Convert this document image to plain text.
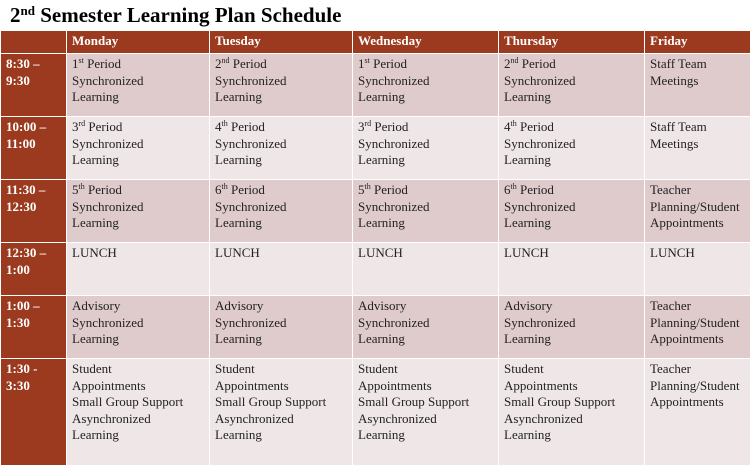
2nd Semester Learning Plan Schedule
	Monday	Tuesday	Wednesday	Thursday	Friday

8:30 –
9:30	1st Period
Synchronized
Learning	2nd Period
Synchronized
Learning	1st Period
Synchronized
Learning	2nd Period
Synchronized
Learning	Staff Team
Meetings

10:00 –
11:00	3rd Period
Synchronized
Learning	4th Period
Synchronized
Learning	3rd Period
Synchronized
Learning	4th Period
Synchronized
Learning	Staff Team
Meetings

11:30 –
12:30	5th Period
Synchronized
Learning	6th Period
Synchronized
Learning	5th Period
Synchronized
Learning	6th Period
Synchronized
Learning	Teacher
Planning/Student
Appointments

12:30 –
1:00	LUNCH	LUNCH	LUNCH	LUNCH	LUNCH

1:00 –
1:30	Advisory
Synchronized
Learning	Advisory
Synchronized
Learning	Advisory
Synchronized
Learning	Advisory
Synchronized
Learning	Teacher
Planning/Student
Appointments

1:30 -
3:30	Student
Appointments
Small Group Support
Asynchronized
Learning	Student
Appointments
Small Group Support
Asynchronized
Learning	Student
Appointments
Small Group Support
Asynchronized
Learning	Student
Appointments
Small Group Support
Asynchronized
Learning	Teacher
Planning/Student
Appointments
